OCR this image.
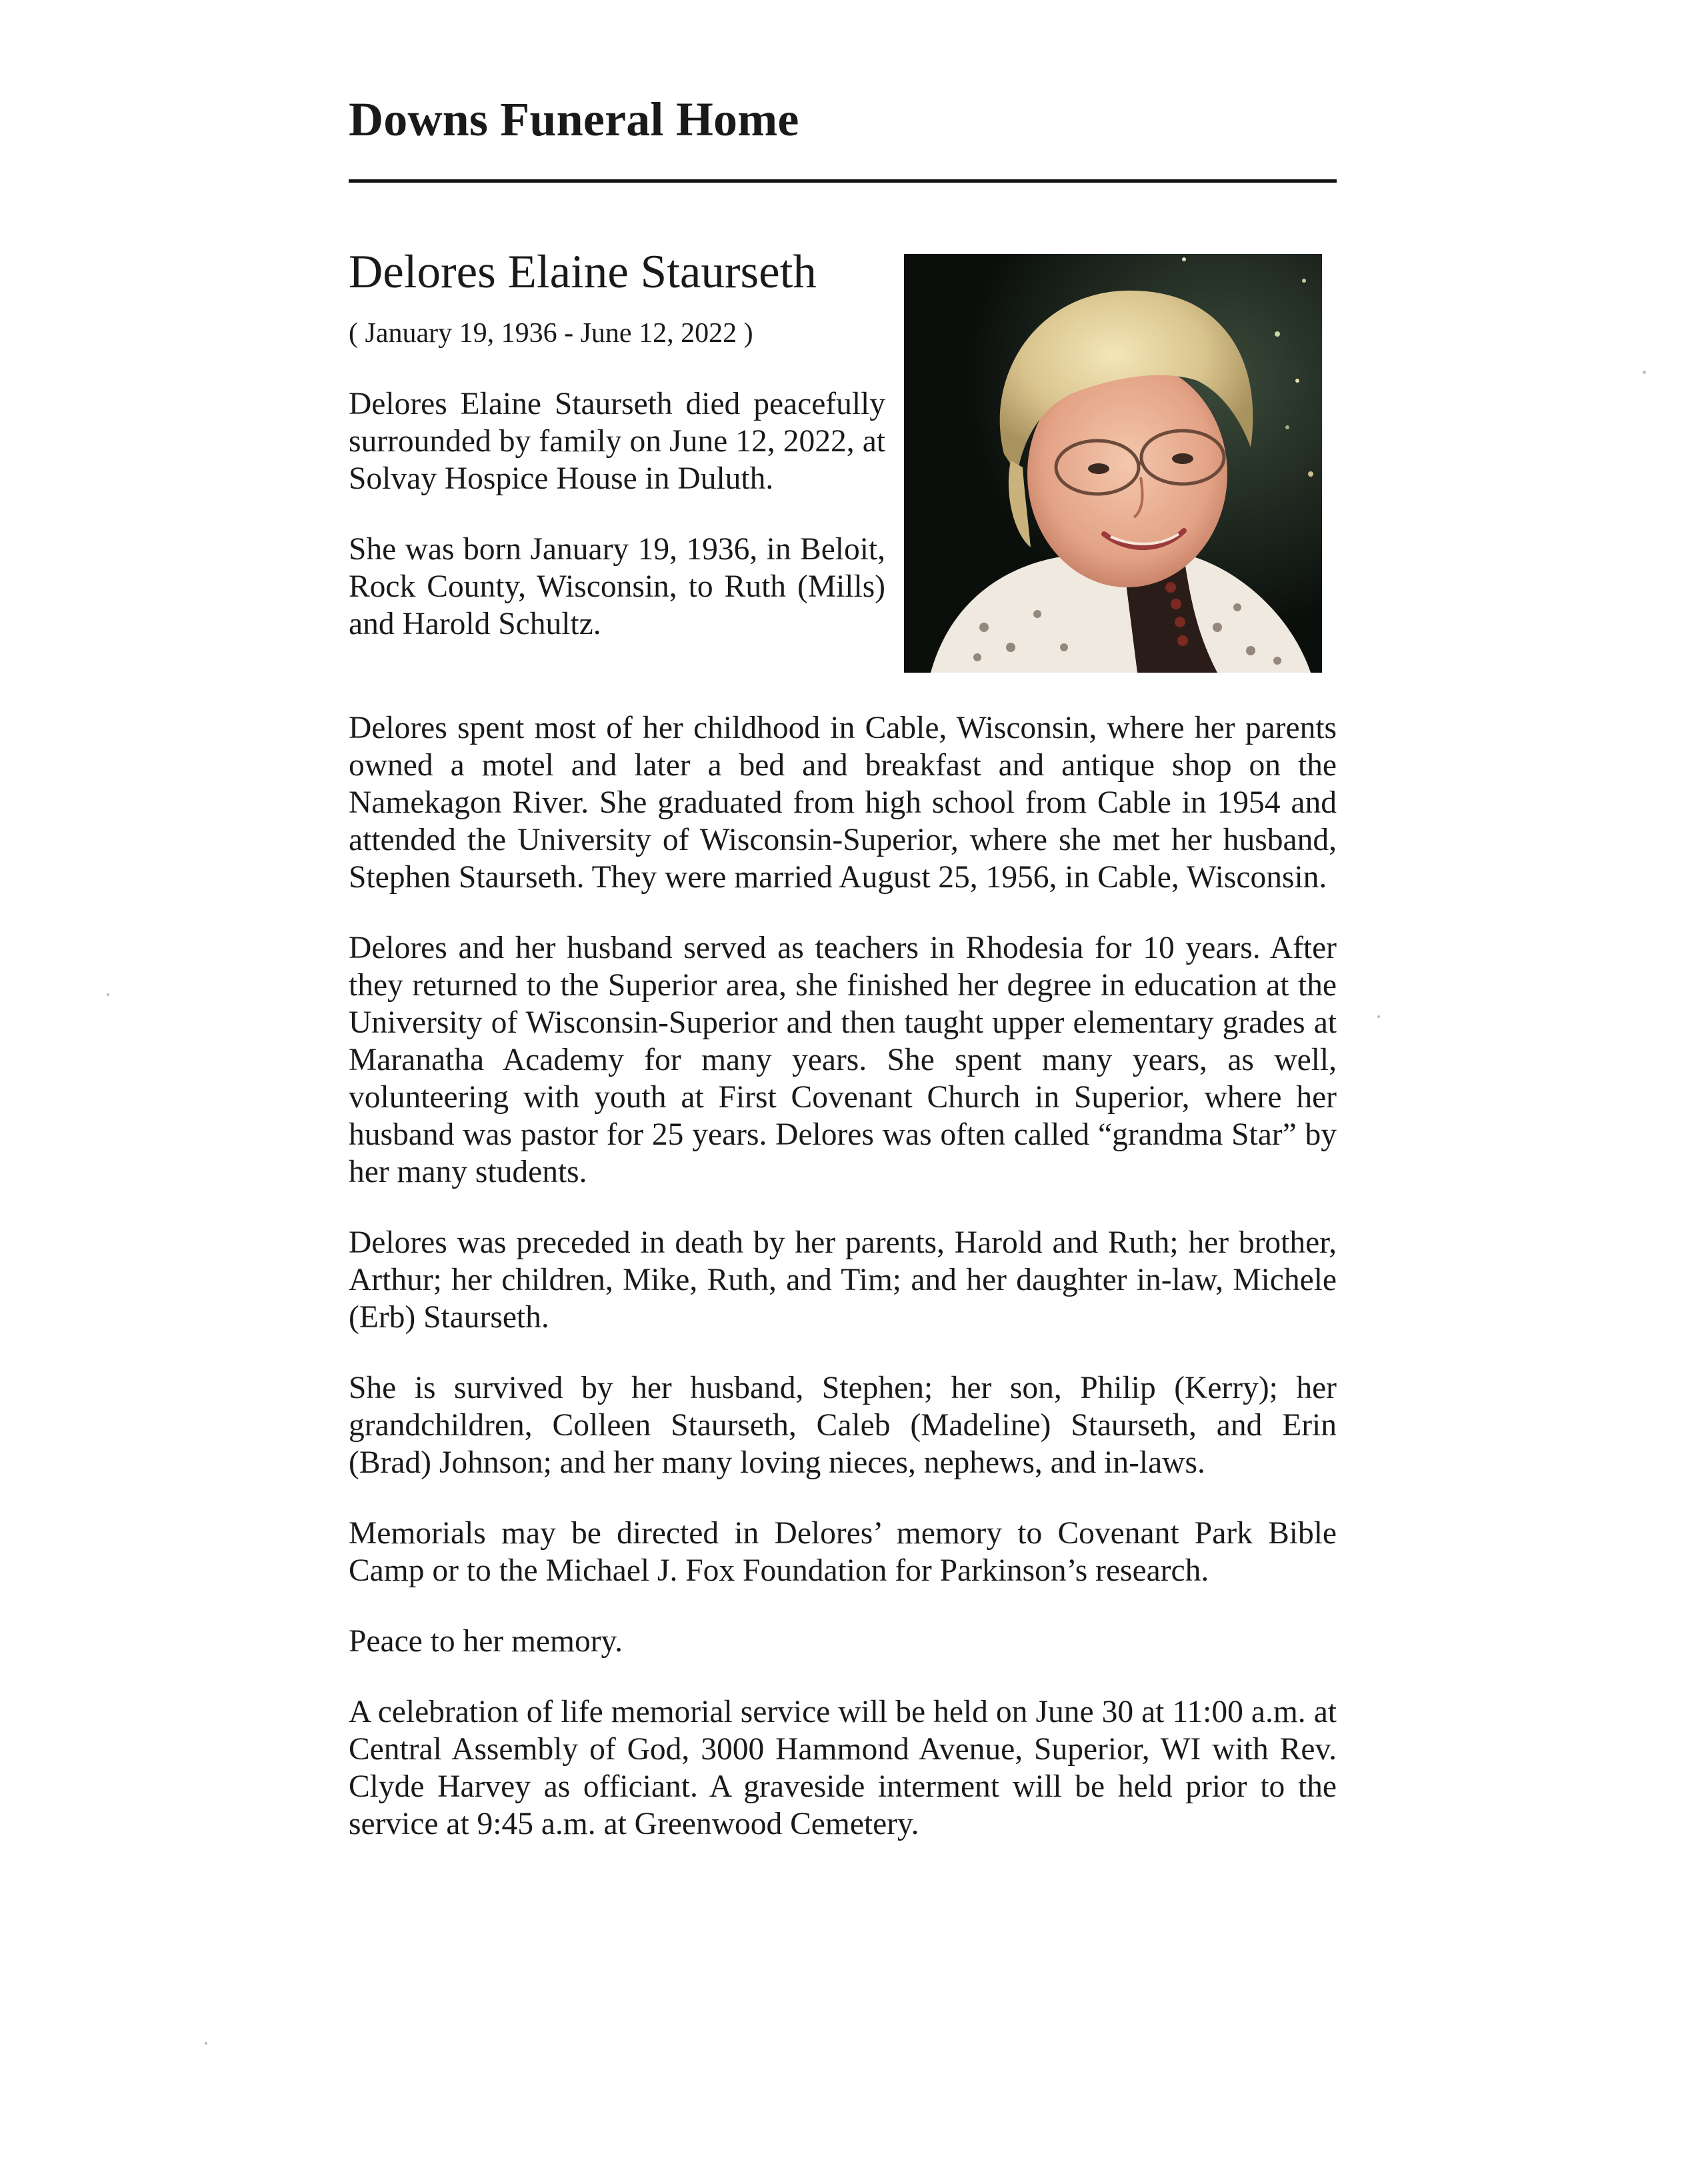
Downs Funeral Home
Delores Elaine Staurseth
( January 19, 1936 - June 12, 2022 )

Delores Elaine Staurseth died peacefully surrounded by family on June 12, 2022, at Solvay Hospice House in Duluth.

She was born January 19, 1936, in Beloit, Rock County, Wisconsin, to Ruth (Mills) and Harold Schultz.

Delores spent most of her childhood in Cable, Wisconsin, where her parents owned a motel and later a bed and breakfast and antique shop on the Namekagon River. She graduated from high school from Cable in 1954 and attended the University of Wisconsin-Superior, where she met her husband, Stephen Staurseth. They were married August 25, 1956, in Cable, Wisconsin.

Delores and her husband served as teachers in Rhodesia for 10 years. After they returned to the Superior area, she finished her degree in education at the University of Wisconsin-Superior and then taught upper elementary grades at Maranatha Academy for many years. She spent many years, as well, volunteering with youth at First Covenant Church in Superior, where her husband was pastor for 25 years. Delores was often called “grandma Star” by her many students.

Delores was preceded in death by her parents, Harold and Ruth; her brother, Arthur; her children, Mike, Ruth, and Tim; and her daughter in-law, Michele (Erb) Staurseth.

She is survived by her husband, Stephen; her son, Philip (Kerry); her grandchildren, Colleen Staurseth, Caleb (Madeline) Staurseth, and Erin (Brad) Johnson; and her many loving nieces, nephews, and in-laws.

Memorials may be directed in Delores’ memory to Covenant Park Bible Camp or to the Michael J. Fox Foundation for Parkinson’s research.

Peace to her memory.

A celebration of life memorial service will be held on June 30 at 11:00 a.m. at Central Assembly of God, 3000 Hammond Avenue, Superior, WI with Rev. Clyde Harvey as officiant. A graveside interment will be held prior to the service at 9:45 a.m. at Greenwood Cemetery.
